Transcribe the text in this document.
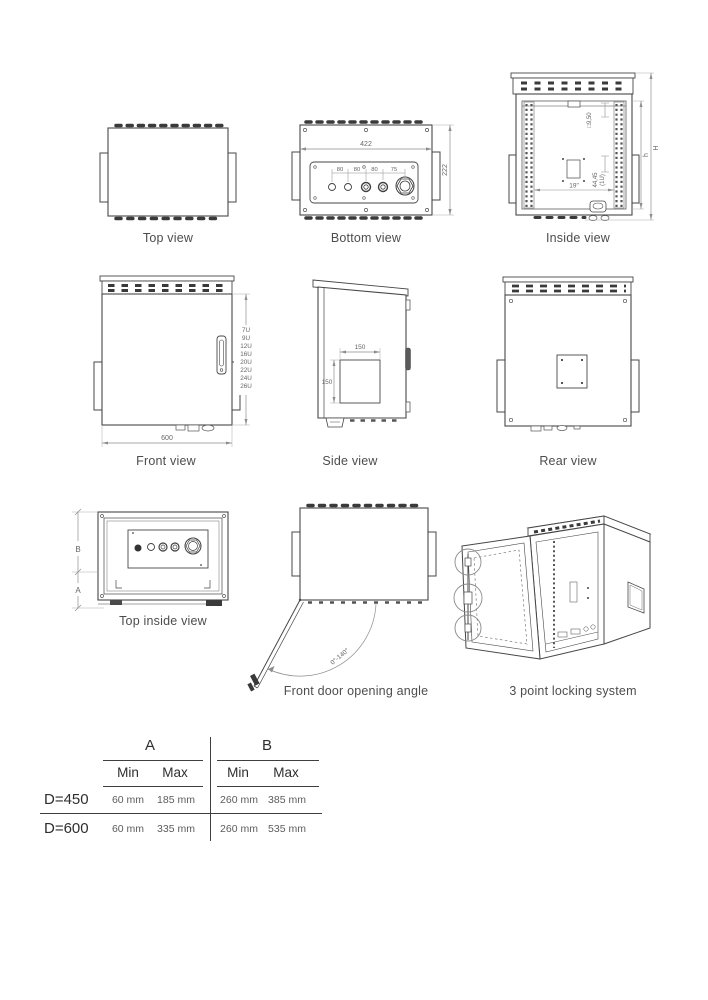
Top view
422
80 80 80 75	222
Bottom view
19"
□9,50
44,45 (1U)
h
H
Inside view
600
7U
9U
12U
16U
20U
22U
24U
26U
Front view
150
150
Side view	Rear view
B
A
Top inside view
0°-140°
Front door opening angle	3 point locking system
A	B
Min	Max	Min	Max
D=450	60 mm	185 mm	260 mm 385 mm
D=600	60 mm	335 mm	260 mm 535 mm
